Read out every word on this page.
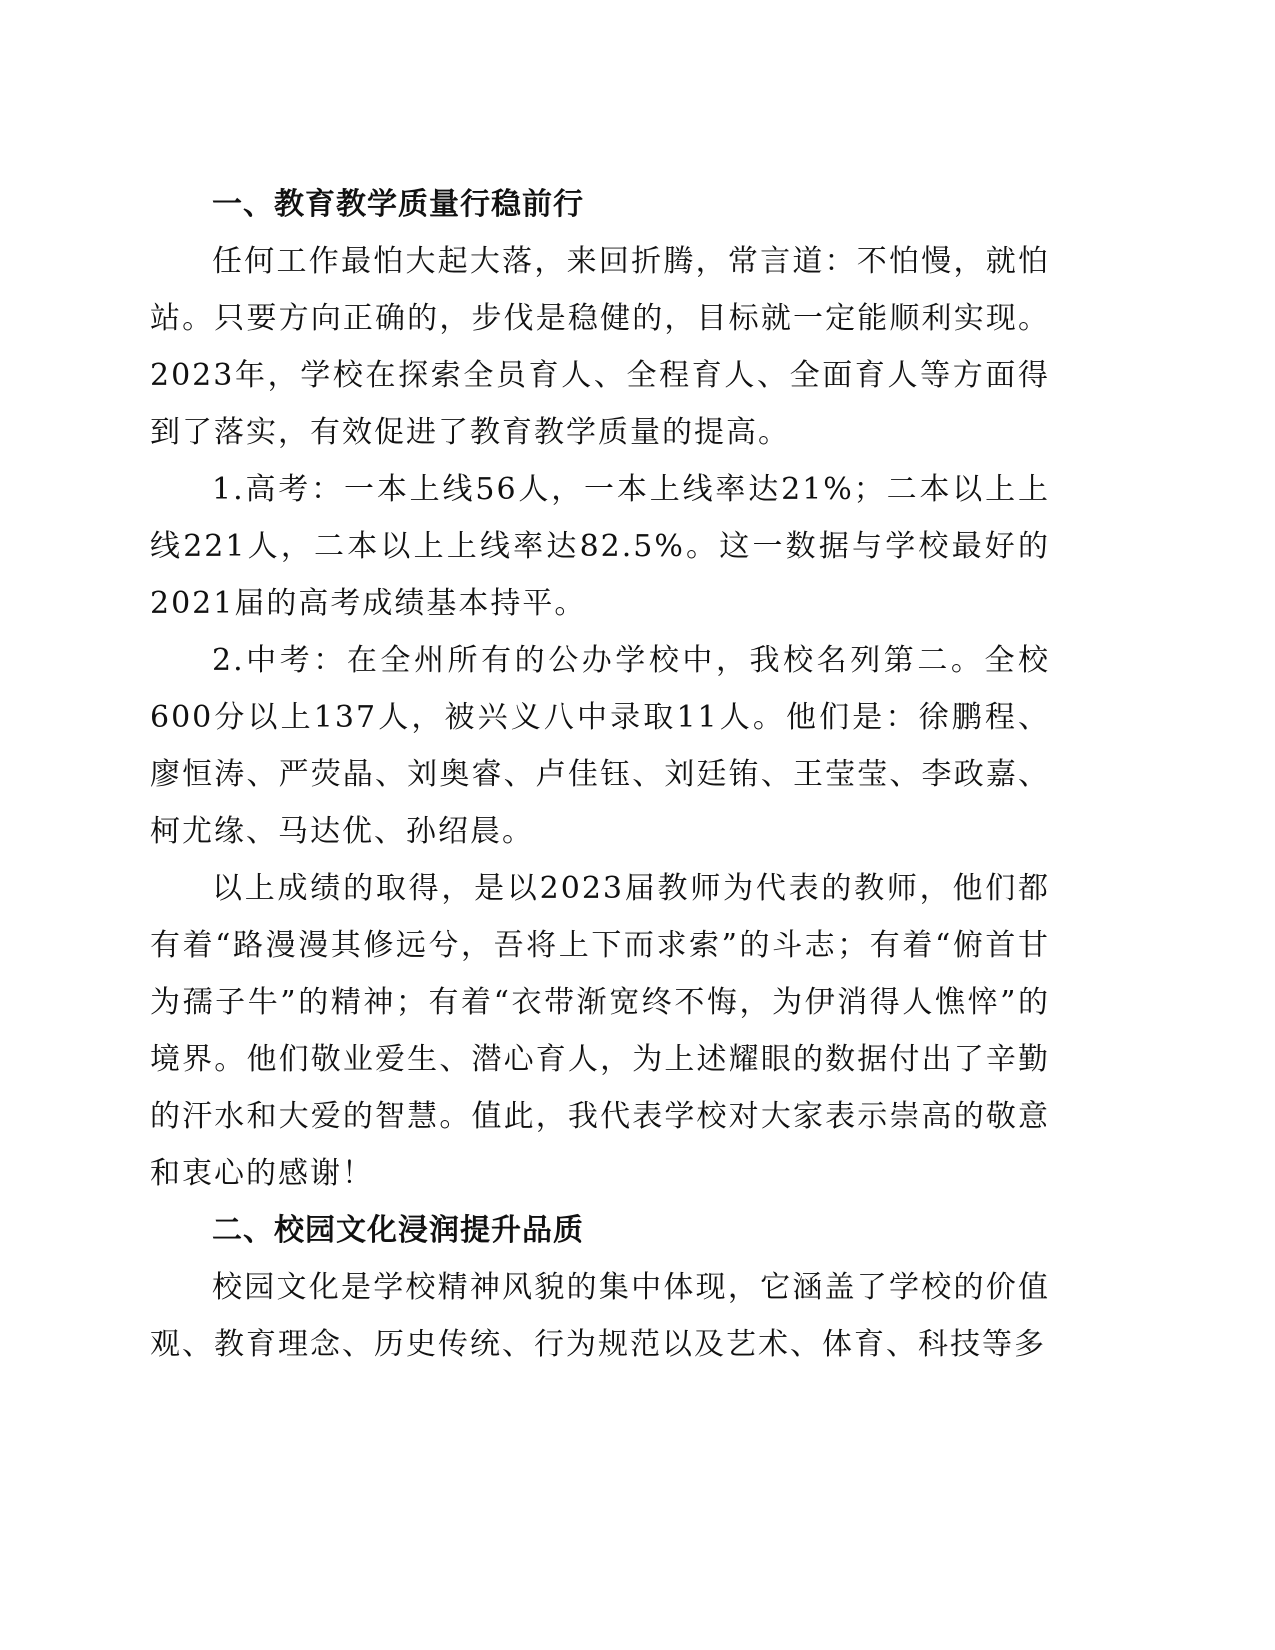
一、教育教学质量行稳前行

任何工作最怕大起大落，来回折腾，常言道：不怕慢，就怕站。只要方向正确的，步伐是稳健的，目标就一定能顺利实现。2023年，学校在探索全员育人、全程育人、全面育人等方面得到了落实，有效促进了教育教学质量的提高。

1.高考：一本上线56人，一本上线率达21%；二本以上上线221人，二本以上上线率达82.5%。这一数据与学校最好的2021届的高考成绩基本持平。

2.中考：在全州所有的公办学校中，我校名列第二。全校600分以上137人，被兴义八中录取11人。他们是：徐鹏程、廖恒涛、严荧晶、刘奥睿、卢佳钰、刘廷铕、王莹莹、李政嘉、柯尤缘、马达优、孙绍晨。

以上成绩的取得，是以2023届教师为代表的教师，他们都有着“路漫漫其修远兮，吾将上下而求索”的斗志；有着“俯首甘为孺子牛”的精神；有着“衣带渐宽终不悔，为伊消得人憔悴”的境界。他们敬业爱生、潜心育人，为上述耀眼的数据付出了辛勤的汗水和大爱的智慧。值此，我代表学校对大家表示崇高的敬意和衷心的感谢！

二、校园文化浸润提升品质

校园文化是学校精神风貌的集中体现，它涵盖了学校的价值观、教育理念、历史传统、行为规范以及艺术、体育、科技等多
